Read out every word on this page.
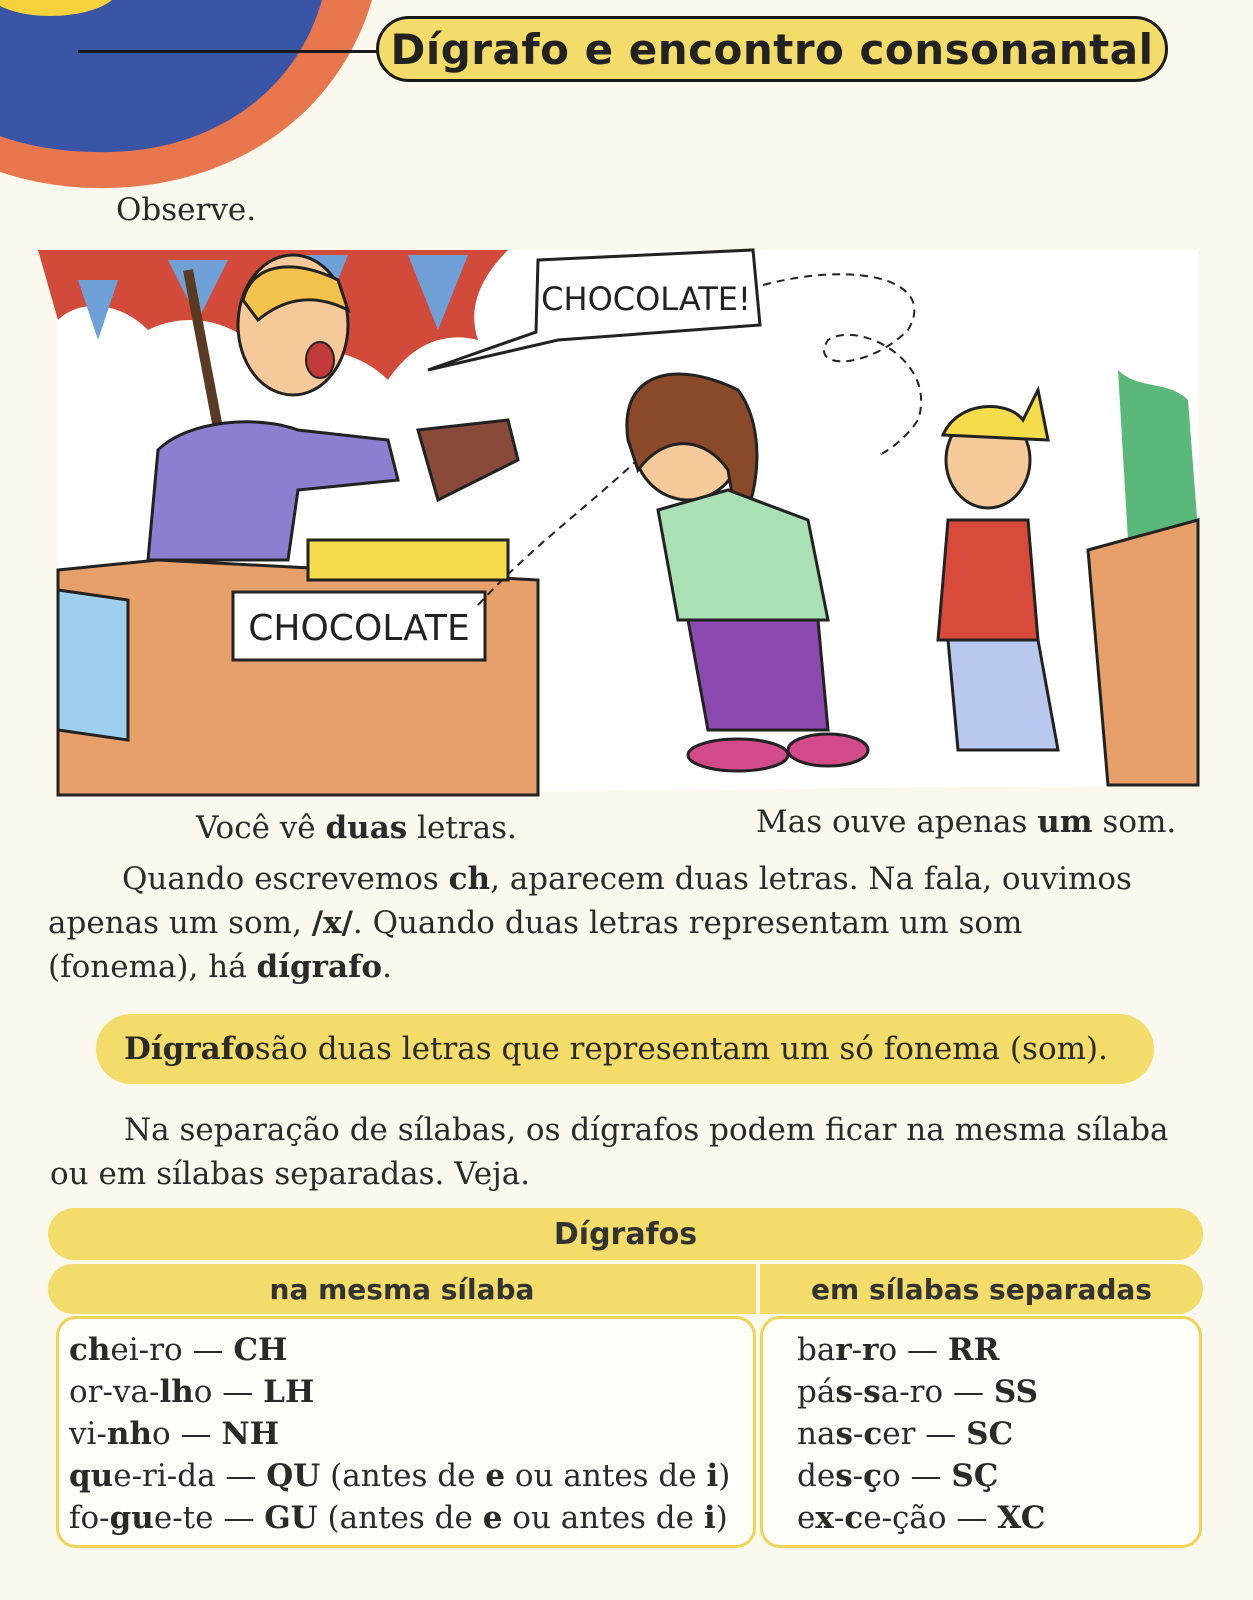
Dígrafo e encontro consonantal
Observe.
CHOCOLATE
CHOCOLATE!
Você vê duas letras.	Mas ouve apenas um som.
Quando escrevemos ch, aparecem duas letras. Na fala, ouvimos
apenas um som, /x/. Quando duas letras representam um som
(fonema), há dígrafo.
Dígrafo são duas letras que representam um só fonema (som).
Na separação de sílabas, os dígrafos podem ficar na mesma sílaba
ou em sílabas separadas. Veja.
Dígrafos
na mesma sílaba	em sílabas separadas
chei-ro — CH
or-va-lho — LH
vi-nho — NH
que-ri-da — QU (antes de e ou antes de i)
fo-gue-te — GU (antes de e ou antes de i)
bar-ro — RR
pás-sa-ro — SS
nas-cer — SC
des-ço — SÇ
ex-ce-ção — XC
